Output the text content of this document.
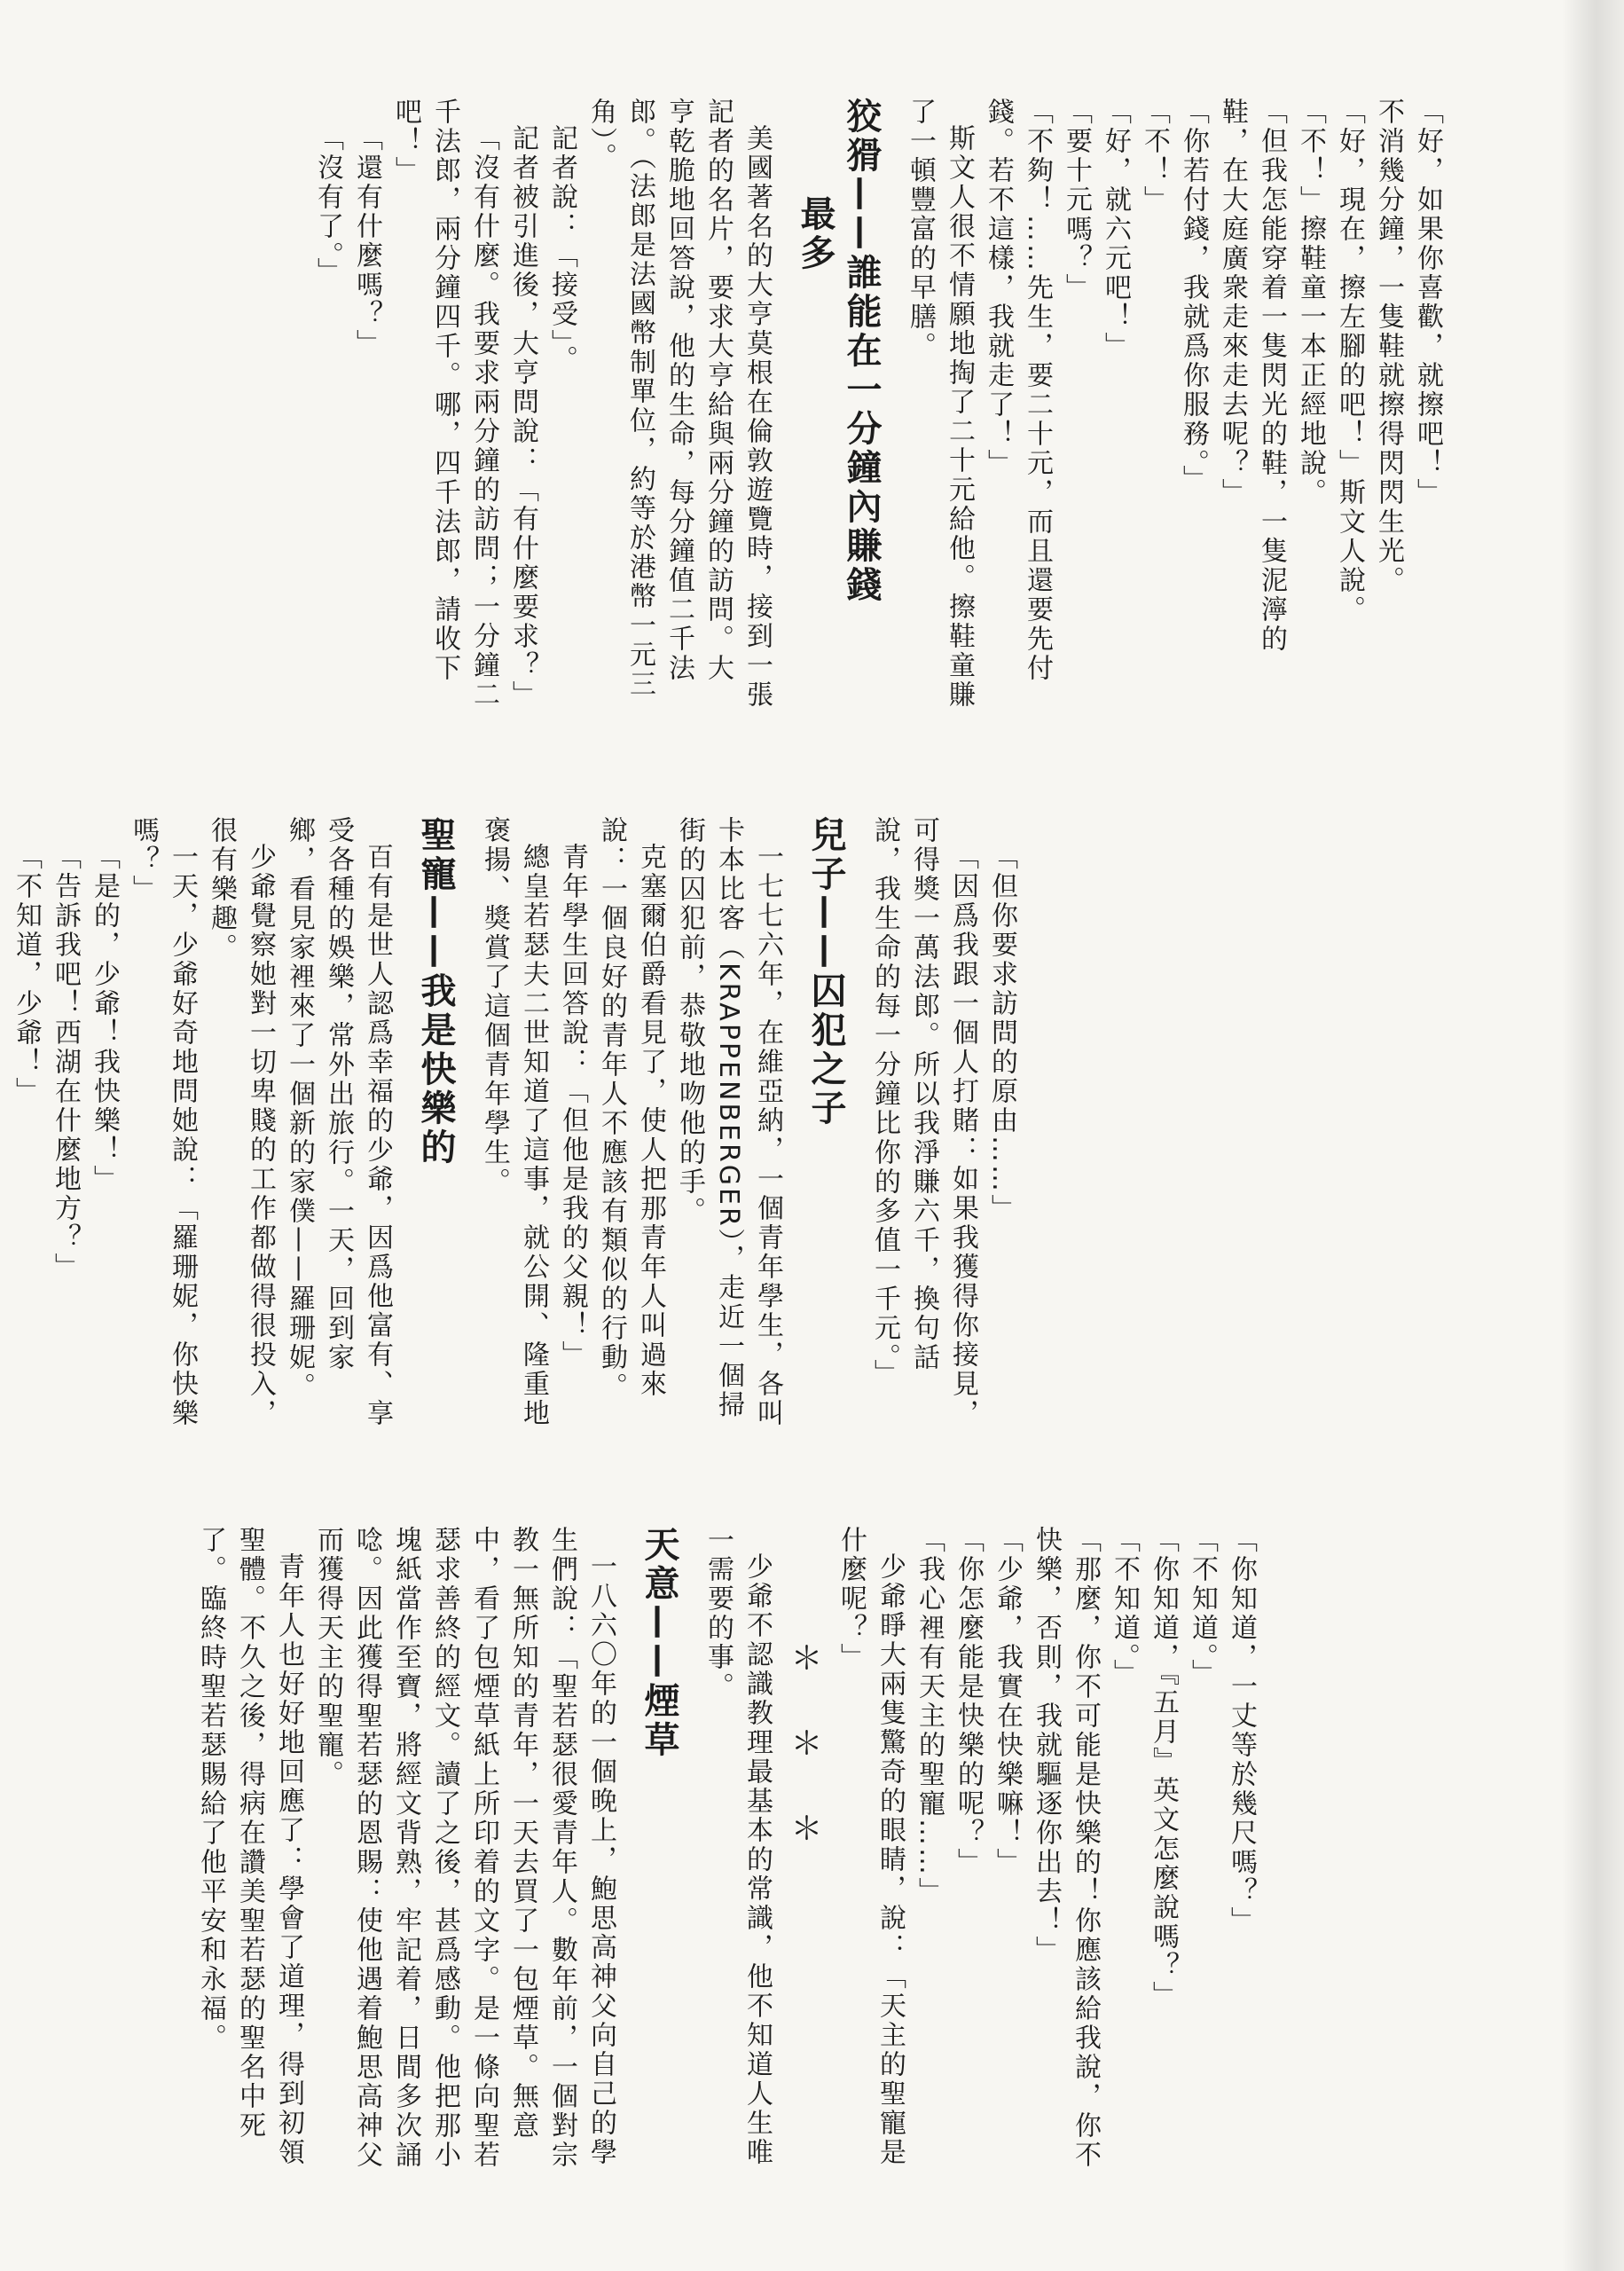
「好，如果你喜歡，就擦吧！」

不消幾分鐘，一隻鞋就擦得閃閃生光。

「好，現在，擦左腳的吧！」斯文人說。

「不！」擦鞋童一本正經地說。

「但我怎能穿着一隻閃光的鞋，一隻泥濘的鞋，在大庭廣衆走來走去呢？」

「你若付錢，我就爲你服務。」

「不！」

「好，就六元吧！」

「要十元嗎？」

「不夠！……先生，要二十元，而且還要先付錢。若不這樣，我就走了！」

斯文人很不情願地掏了二十元給他。擦鞋童賺了一頓豐富的早膳。

狡猾——誰能在一分鐘內賺錢
最多

美國著名的大亨莫根在倫敦遊覽時，接到一張記者的名片，要求大亨給與兩分鐘的訪問。大亨乾脆地回答說，他的生命，每分鐘值二千法郎。（法郎是法國幣制單位，約等於港幣一元三角）。

記者說：「接受」。

記者被引進後，大亨問說：「有什麼要求？」

「沒有什麼。我要求兩分鐘的訪問；一分鐘二千法郎，兩分鐘四千。哪，四千法郎，請收下吧！」

「還有什麼嗎？」

「沒有了。」

「但你要求訪問的原由……」

「因爲我跟一個人打賭：如果我獲得你接見，可得獎一萬法郎。所以我淨賺六千，換句話說，我生命的每一分鐘比你的多值一千元。」

兒子——囚犯之子

一七七六年，在維亞納，一個青年學生，各叫卡本比客（KRAPPENBERGER），走近一個掃街的囚犯前，恭敬地吻他的手。

克塞爾伯爵看見了，使人把那青年人叫過來說：一個良好的青年人不應該有類似的行動。

青年學生回答說：「但他是我的父親！」

總皇若瑟夫二世知道了這事，就公開、隆重地褒揚、獎賞了這個青年學生。

聖寵——我是快樂的

百有是世人認爲幸福的少爺，因爲他富有、享受各種的娛樂，常外出旅行。一天，回到家鄉，看見家裡來了一個新的家僕——羅珊妮。

少爺覺察她對一切卑賤的工作都做得很投入，很有樂趣。

一天，少爺好奇地問她說：「羅珊妮，你快樂嗎？」

「是的，少爺！我快樂！」

「告訴我吧！西湖在什麼地方？」

「不知道，少爺！」

「你知道，一丈等於幾尺嗎？」

「不知道。」

「你知道，『五月』英文怎麼說嗎？」

「不知道。」

「那麼，你不可能是快樂的！你應該給我說，你不快樂，否則，我就驅逐你出去！」

「少爺，我實在快樂嘛！」

「你怎麼能是快樂的呢？」

「我心裡有天主的聖寵……」

少爺睜大兩隻驚奇的眼睛，說：「天主的聖寵是什麼呢？」

＊＊＊

少爺不認識教理最基本的常識，他不知道人生唯一需要的事。

天意——煙草

一八六〇年的一個晚上，鮑思高神父向自己的學生們說：「聖若瑟很愛青年人。數年前，一個對宗教一無所知的青年，一天去買了一包煙草。無意中，看了包煙草紙上所印着的文字。是一條向聖若瑟求善終的經文。讀了之後，甚爲感動。他把那小塊紙當作至寶，將經文背熟，牢記着，日間多次誦唸。因此獲得聖若瑟的恩賜：使他遇着鮑思高神父而獲得天主的聖寵。

青年人也好好地回應了：學會了道理，得到初領聖體。不久之後，得病在讚美聖若瑟的聖名中死了。臨終時聖若瑟賜給了他平安和永福。
